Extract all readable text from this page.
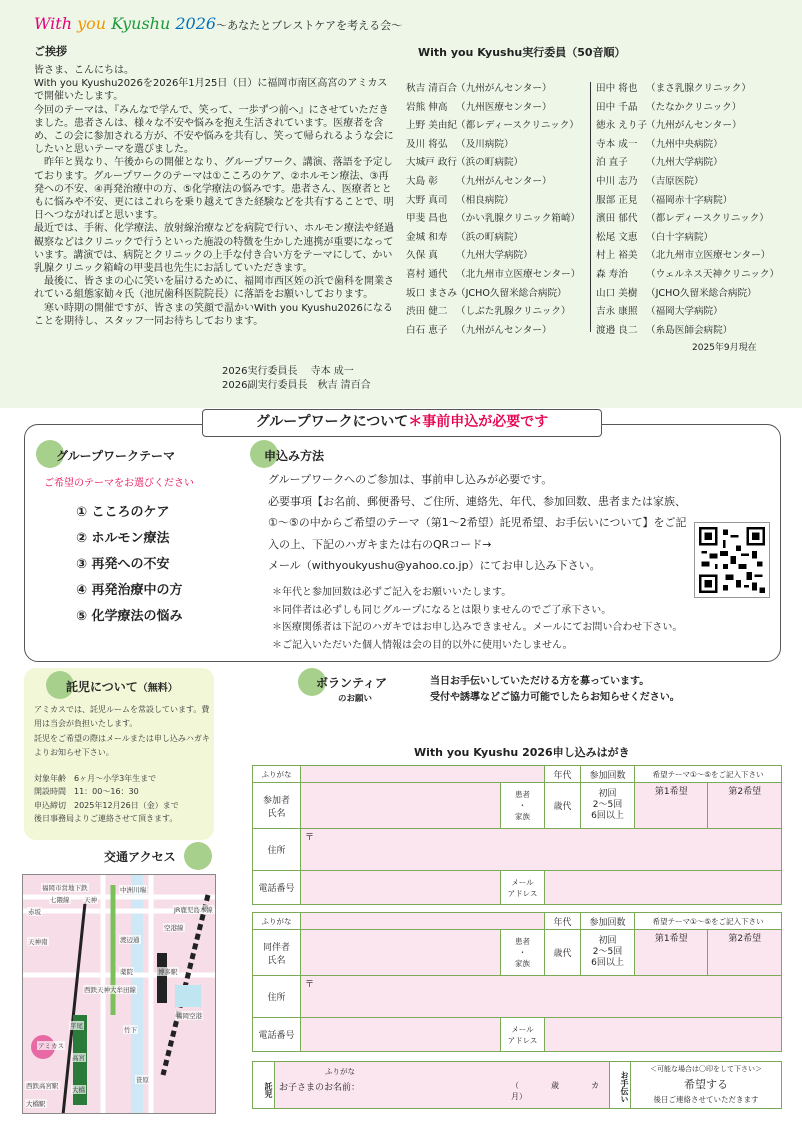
With you Kyushu 2026～あなたとブレストケアを考える会～
ご挨拶

皆さま、こんにちは。

With you Kyushu2026を2026年1月25日（日）に福岡市南区高宮のアミカスで開催いたします。

今回のテーマは、『みんなで学んで、笑って、一歩ずつ前へ』にさせていただきました。患者さんは、様々な不安や悩みを抱え生活されています。医療者を含め、この会に参加される方が、不安や悩みを共有し、笑って帰られるような会にしたいと思いテーマを選びました。

　昨年と異なり、午後からの開催となり、グループワーク、講演、落語を予定しております。グループワークのテーマは①こころのケア、②ホルモン療法、③再発への不安、④再発治療中の方、⑤化学療法の悩みです。患者さん、医療者とともに悩みや不安、更にはこれらを乗り越えてきた経験などを共有することで、明日へつながればと思います。

最近では、手術、化学療法、放射線治療などを病院で行い、ホルモン療法や経過観察などはクリニックで行うといった施設の特徴を生かした連携が重要になっています。講演では、病院とクリニックの上手な付き合い方をテーマにして、かい乳腺クリニック箱崎の甲斐昌也先生にお話していただきます。

　最後に、皆さまの心に笑いを届けるために、福岡市西区姪の浜で歯科を開業されている組態家勧々氏（池尻歯科医院院長）に落語をお願いしております。

　寒い時期の開催ですが、皆さまの笑顔で温かいWith you Kyushu2026になることを期待し、スタッフ一同お待ちしております。

2026実行委員長　 寺本 成一
2026副実行委員長　秋吉 清百合
With you Kyushu実行委員（50音順）
秋吉 清百合（九州がんセンター）
岩熊 伸高 （九州医療センター）
上野 美由紀（都レディースクリニック）
及川 将弘 （及川病院）
大城戸 政行（浜の町病院）
大島 彰 （九州がんセンター）
大野 真司 （相良病院）
甲斐 昌也 （かい乳腺クリニック箱崎）
金城 和寿 （浜の町病院）
久保 真 （九州大学病院）
喜村 通代 （北九州市立医療センター）
坂口 まさみ（JCHO久留米総合病院）
渋田 健二 （しぶた乳腺クリニック）
白石 恵子 （九州がんセンター）
田中 将也 （まさ乳腺クリニック）
田中 千晶 （たなかクリニック）
徳永 えり子（九州がんセンター）
寺本 成一 （九州中央病院）
泊 直子 （九州大学病院）
中川 志乃 （吉原医院）
服部 正見 （福岡赤十字病院）
濱田 郁代 （都レディースクリニック）
松尾 文恵 （白十字病院）
村上 裕美 （北九州市立医療センター）
森 寿治 （ウェルネス天神クリニック）
山口 美樹 （JCHO久留米総合病院）
吉永 康照 （福岡大学病院）
渡邉 良二 （糸島医師会病院）
2025年9月現在
グループワークについて＊事前申込が必要です
グループワークテーマ
ご希望のテーマをお選びください
① こころのケア
② ホルモン療法
③ 再発への不安
④ 再発治療中の方
⑤ 化学療法の悩み
申込み方法

グループワークへのご参加は、事前申し込みが必要です。

必要事項【お名前、郵便番号、ご住所、連絡先、年代、参加回数、患者または家族、①～⑤の中からご希望のテーマ（第1～2希望）託児希望、お手伝いについて】をご記入の上、下記のハガキまたは右のQRコード→

メール（withyoukyushu@yahoo.co.jp）にてお申し込み下さい。

＊年代と参加回数は必ずご記入をお願いいたします。
＊同伴者は必ずしも同じグループになるとは限りませんのでご了承下さい。
＊医療関係者は下記のハガキではお申し込みできません。メールにてお問い合わせ下さい。
＊ご記入いただいた個人情報は会の目的以外に使用いたしません。
託児について（無料）

アミカスでは、託児ルームを常設しています。費用は当会が負担いたします。

託児をご希望の際はメールまたは申し込みハガキよりお知らせ下さい。

対象年齢　6ヶ月～小学3年生まで
開設時間　11：00～16：30
申込締切　2025年12月26日（金）まで
後日事務局よりご連絡させて頂きます。
ボランティア
のお願い
当日お手伝いしていただける方を募っています。
受付や誘導などご協力可能でしたらお知らせください。
交通アクセス
福岡市営地下鉄
七隈線 天神
中洲川端
赤坂
天神南	渡辺通
薬院
平尾
高宮
大橋
アミカス
西鉄天神大牟田線
博多駅
福岡空港
空港線
JR鹿児島本線
竹下
笹原
西鉄高宮駅
大橋駅
With you Kyushu 2026申し込みはがき
ふりがな			年代	参加回数	希望テーマ①～⑤をご記入下さい	
参加者
氏名		患者
・
家族	歳代	初回
2～5回
6回以上	第1希望	第2希望
住所	〒					
電話番号		メール
アドレス				
ふりがな			年代	参加回数	希望テーマ①～⑤をご記入下さい	
同伴者
氏名		患者
・
家族	歳代	初回
2～5回
6回以上	第1希望	第2希望
住所	〒					
電話番号		メール
アドレス				
託児
ふりがな
お子さまのお名前：	（　　　　歳　　　　カ月）	お手伝い
＜可能な場合は〇印をして下さい＞
希望する
後日ご連絡させていただきます
